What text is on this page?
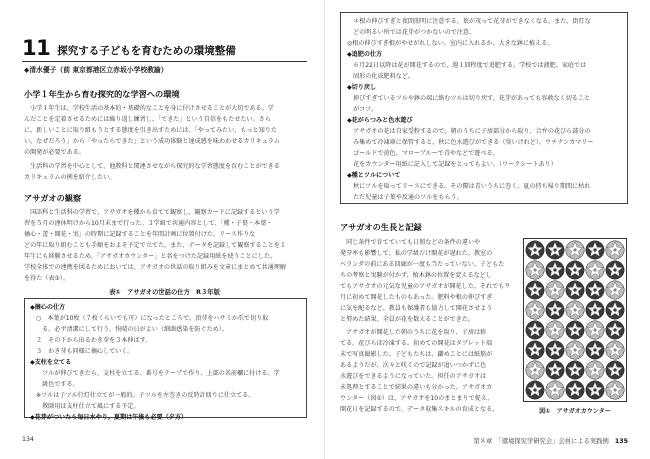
11 探究する子どもを育むための環境整備
◆清水優子（前 東京都港区立赤坂小学校教諭）
小学１年生から育む探究的な学習への環境
　小学１年生は、学校生活の基本的・基礎的なことを身に付けさせることが大切である。学
んだことを定着させるためには繰り返し練習し、「できた」という自信をもたせたい。さら
に、新しいことに取り組もうとする態度を引き出すためには、「やってみたい、もっと知りた
い、なぜだろう」から「やったらできた」という成功体験と達成感を味わわせるカリキュラム
の開発が必要である。
　生活科の学習を中心として、他教科と関連させながら探究的な学習態度を育むことができる
カリキュラムの例を紹介したい。
アサガオの観察
　国語科と生活科の学習で、アサガオを種から育てて観察し、観察カードに記録するという学
習を５月の連休明けから10月末まで行った。３学級で共通内容として、「種・子葉・本葉・
摘心・蕾・開花・実」の時期に記録することを年間計画に位置付けた。リース作りな
どの年に取り組むことも手順をおよそ予定で立てた。また、データを記録して観察することを１
年生にも経験させるため、「アサガオカウンター」と名をつけた記録用紙を使うことにした。
学校全体での連携を図るためにおいては、アサガオの世話の取り組みを文章にまとめて共通理解
を得た（表①）。
表①　アサガオの世話の仕方　R３年版
◆摘心の仕方
○　本葉が10枚（７枚くらいでも可）になったところで、頂芽をハサミか爪で切り取
　る。必ず清潔にして行う。快晴の日がよい（細菌感染を防ぐため）。
２　その下から出るわき芽を３本伸ばす。
３　わき芽も同様に摘心していく。
◆支柱を立てる
　ツルが伸びてきたら、支柱を立てる。番号をテープで作り、上部の名前欄に付ける。学
　級色でする。
※ツルは子ツル行灯仕立てが一般的。子ツルを左巻きの反時計回りに仕立てる。
　教師用は支柱仕立て風にする予定。
◆花芽がついたら毎日水やり。夏期は午後も必要（夕方）
134
　＊根の伸びすぎと夜間照明に注意する。葉が茂って花芽ができなくなる。また、街灯な
　どの明るい所では花芽がつかないので注意。
◎根の伸びすぎ根がやせがれしない。室内に入れるか、大きな鉢に植える。
◆追肥の仕方
　６月22日以降は花が開花するので、週１回程度で追肥する。学校では液肥、家庭では
　固形の化成肥料など。
◆切り戻し
　伸びすぎているツルや鉢の端に絡むツルは切り戻す。花芽があっても容赦なく切ること
　がコツ。
◆花がらつみと色水遊び
　アサガオの花は自家受粉するので、朝のうちに子房部分から取り、合弁の花びら部分の
　み集めて冷凍庫に保管すると、秋に色水遊びができる（臭いけれど）。ウチナンカマリー
　ゴールドで黄色、マローブルーで青やなどで遊べる。
　花をカウンター用紙に記入して記録をとってもよい。（ワークシートあり）
◆種とツルについて
　秋にツルを取ってリースにできる。その際は青いうちに巻く。夏の持ち帰り期間に枯れ
　ただ児童は子葉や反通のツルをもらう。
アサガオの生長と記録
　同じ条件で育てていても日照などの条件の違いや
発芽率も影響して、私の学級だけ開花が遅れた。教室の
ベランダの前にある回廊が一度も当たっていない。子どもた
ちの考察と実験が付かず、植木鉢の位置を変えるなどし
てもアサガオの元気な児童のアサガオが開花した。それでも９
月に初めて開花したものもあった。肥料や根の伸びすぎ
に気を配るなど、教員も保護者も協力して開花させよう
と努めた結果、全員が花を数えることができた。
　アサガオが開花した朝のうちに花を取り、子房は捨
てる。花びらは冷凍する。初めての開花はタブレット端
末で写真撮影した。子どもたちは、鎌めことには紙筋が
あるようだが、次々と咲くので記録が追いつかずに色
水遊びをできるようになっていた。担任のアサガオは
未処理とすることで結果の違いも分かった。アサガオカ
ウンター（図①）は、アサガオを10のまとまりで捉え、
開花日を記録するので、データ収集スキルの育成となる。	図①　アサガオカウンター
第８章　「環境探究学研究会」会員による実践例 135
